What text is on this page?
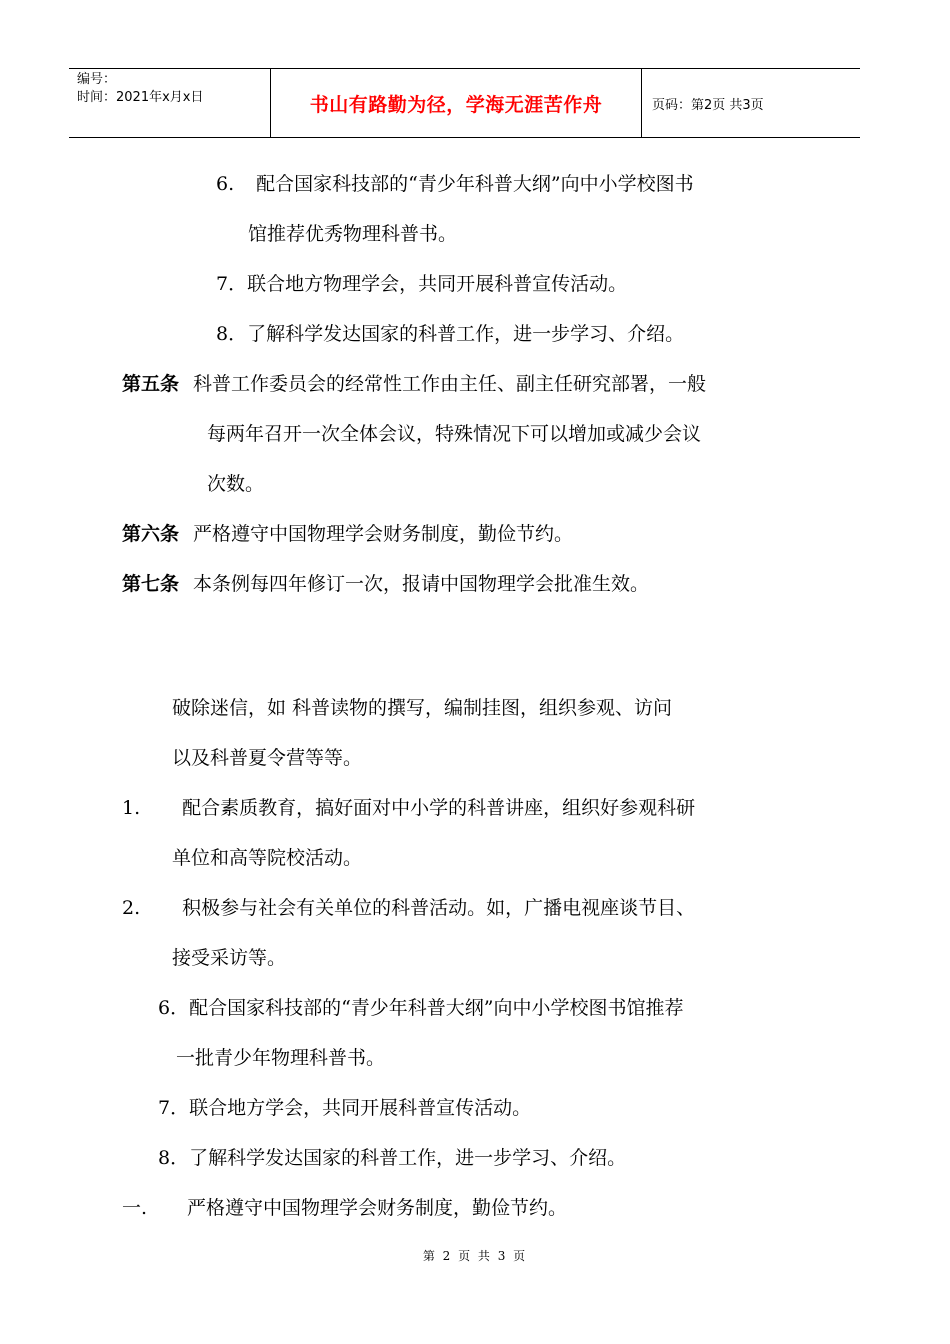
编号：
时间：2021年x月x日	书山有路勤为径，学海无涯苦作舟	页码：第2页 共3页
6. 配合国家科技部的“青少年科普大纲”向中小学校图书
馆推荐优秀物理科普书。
7．联合地方物理学会，共同开展科普宣传活动。
8．了解科学发达国家的科普工作，进一步学习、介绍。
第五条 科普工作委员会的经常性工作由主任、副主任研究部署，一般
每两年召开一次全体会议，特殊情况下可以增加或减少会议
次数。
第六条 严格遵守中国物理学会财务制度，勤俭节约。
第七条 本条例每四年修订一次，报请中国物理学会批准生效。
破除迷信，如 科普读物的撰写，编制挂图，组织参观、访问
以及科普夏令营等等。
1. 配合素质教育，搞好面对中小学的科普讲座，组织好参观科研
单位和高等院校活动。
2. 积极参与社会有关单位的科普活动。如，广播电视座谈节目、
接受采访等。
6．配合国家科技部的“青少年科普大纲”向中小学校图书馆推荐
一批青少年物理科普书。
7．联合地方学会，共同开展科普宣传活动。
8．了解科学发达国家的科普工作，进一步学习、介绍。
一. 严格遵守中国物理学会财务制度，勤俭节约。
第 2 页 共 3 页
